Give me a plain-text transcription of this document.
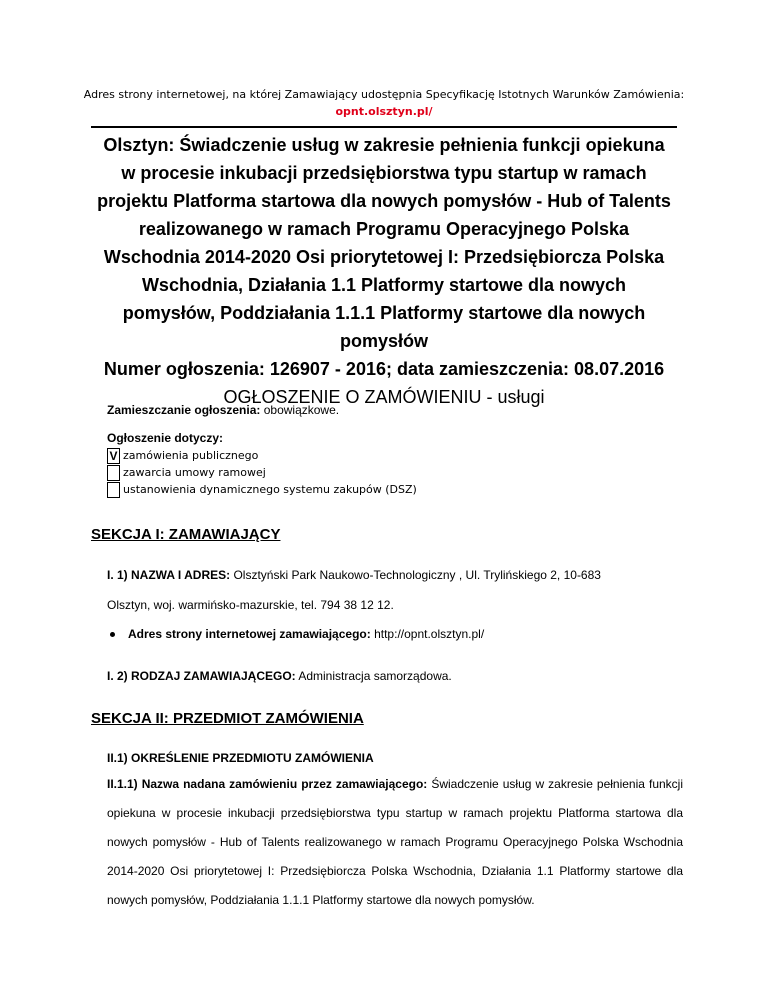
Adres strony internetowej, na której Zamawiający udostępnia Specyfikację Istotnych Warunków Zamówienia: opnt.olsztyn.pl/
Olsztyn: Świadczenie usług w zakresie pełnienia funkcji opiekuna w procesie inkubacji przedsiębiorstwa typu startup w ramach projektu Platforma startowa dla nowych pomysłów - Hub of Talents realizowanego w ramach Programu Operacyjnego Polska Wschodnia 2014-2020 Osi priorytetowej I: Przedsiębiorcza Polska Wschodnia, Działania 1.1 Platformy startowe dla nowych pomysłów, Poddziałania 1.1.1 Platformy startowe dla nowych pomysłów
Numer ogłoszenia: 126907 - 2016; data zamieszczenia: 08.07.2016
OGŁOSZENIE O ZAMÓWIENIU - usługi
Zamieszczanie ogłoszenia: obowiązkowe.
Ogłoszenie dotyczy:
V zamówienia publicznego
zawarcia umowy ramowej
ustanowienia dynamicznego systemu zakupów (DSZ)
SEKCJA I: ZAMAWIAJĄCY
I. 1) NAZWA I ADRES: Olsztyński Park Naukowo-Technologiczny , Ul. Tryli​ńskiego 2, 10-683
Olsztyn, woj. warmińsko-mazurskie, tel. 794 38 12 12.
Adres strony internetowej zamawiającego:
http://opnt.olsztyn.pl/
I. 2) RODZAJ ZAMAWIAJĄCEGO: Administracja samorządowa.
SEKCJA II: PRZEDMIOT ZAMÓWIENIA
II.1) OKREŚLENIE PRZEDMIOTU ZAMÓWIENIA
II.1.1) Nazwa nadana zamówieniu przez zamawiającego: Świadczenie usług w zakresie pełnienia funkcji opiekuna w procesie inkubacji przedsiębiorstwa typu startup w ramach projektu Platforma startowa dla nowych pomysłów - Hub of Talents realizowanego w ramach Programu Operacyjnego Polska Wschodnia 2014-2020 Osi priorytetowej I: Przedsiębiorcza Polska Wschodnia, Działania 1.1 Platformy startowe dla nowych pomysłów, Poddziałania 1.1.1 Platformy startowe dla nowych pomysłów.
